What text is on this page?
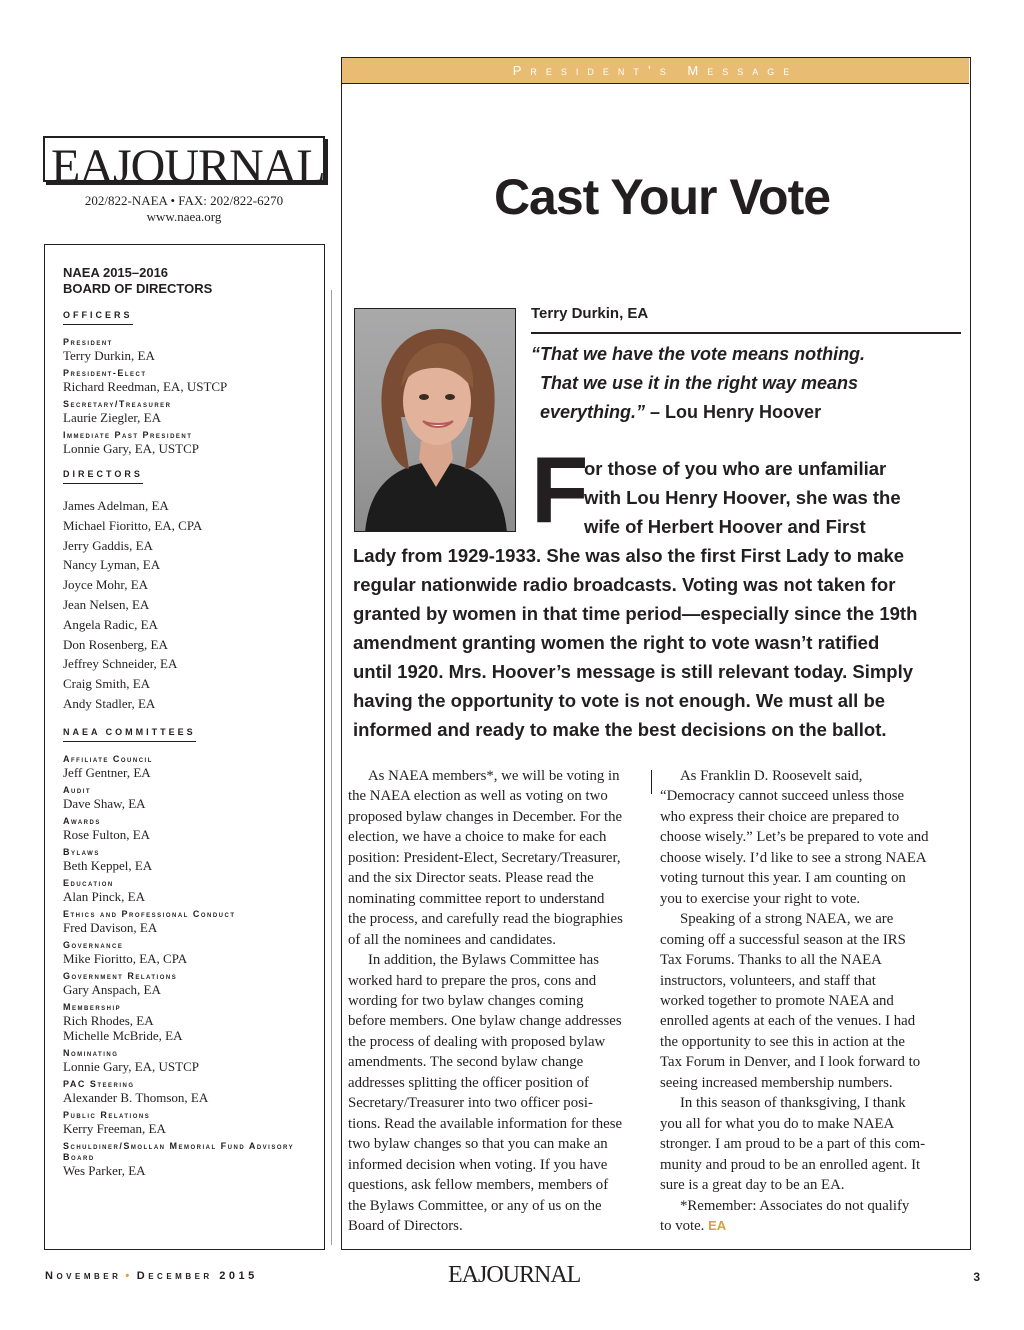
EAJOURNAL
202/822-NAEA • FAX: 202/822-6270
www.naea.org
NAEA 2015–2016
BOARD OF DIRECTORS
OFFICERS
President
Terry Durkin, EA
President-Elect
Richard Reedman, EA, USTCP
Secretary/Treasurer
Laurie Ziegler, EA
Immediate Past President
Lonnie Gary, EA, USTCP
DIRECTORS
James Adelman, EA
Michael Fioritto, EA, CPA
Jerry Gaddis, EA
Nancy Lyman, EA
Joyce Mohr, EA
Jean Nelsen, EA
Angela Radic, EA
Don Rosenberg, EA
Jeffrey Schneider, EA
Craig Smith, EA
Andy Stadler, EA
NAEA COMMITTEES
Affiliate Council
Jeff Gentner, EA
Audit
Dave Shaw, EA
Awards
Rose Fulton, EA
Bylaws
Beth Keppel, EA
Education
Alan Pinck, EA
Ethics and Professional Conduct
Fred Davison, EA
Governance
Mike Fioritto, EA, CPA
Government Relations
Gary Anspach, EA
Membership
Rich Rhodes, EA
Michelle McBride, EA
Nominating
Lonnie Gary, EA, USTCP
PAC Steering
Alexander B. Thomson, EA
Public Relations
Kerry Freeman, EA
Schuldiner/Smollan Memorial Fund Advisory Board
Wes Parker, EA
President’s Message
Cast Your Vote
Terry Durkin, EA
“That we have the vote means nothing.
That we use it in the right way means
everything.” – Lou Henry Hoover
F
or those of you who are unfamiliar
with Lou Henry Hoover, she was the
wife of Herbert Hoover and First
Lady from 1929-1933. She was also the first First Lady to make
regular nationwide radio broadcasts. Voting was not taken for
granted by women in that time period—especially since the 19th
amendment granting women the right to vote wasn’t ratified
until 1920. Mrs. Hoover’s message is still relevant today. Simply
having the opportunity to vote is not enough. We must all be
informed and ready to make the best decisions on the ballot.
As NAEA members*, we will be voting in
the NAEA election as well as voting on two
proposed bylaw changes in December. For the
election, we have a choice to make for each
position: President-Elect, Secretary/Treasurer,
and the six Director seats. Please read the
nominating committee report to understand
the process, and carefully read the biographies
of all the nominees and candidates.
In addition, the Bylaws Committee has
worked hard to prepare the pros, cons and
wording for two bylaw changes coming
before members. One bylaw change addresses
the process of dealing with proposed bylaw
amendments. The second bylaw change
addresses splitting the officer position of
Secretary/Treasurer into two officer posi-
tions. Read the available information for these
two bylaw changes so that you can make an
informed decision when voting. If you have
questions, ask fellow members, members of
the Bylaws Committee, or any of us on the
Board of Directors.
As Franklin D. Roosevelt said,
“Democracy cannot succeed unless those
who express their choice are prepared to
choose wisely.” Let’s be prepared to vote and
choose wisely. I’d like to see a strong NAEA
voting turnout this year. I am counting on
you to exercise your right to vote.
Speaking of a strong NAEA, we are
coming off a successful season at the IRS
Tax Forums. Thanks to all the NAEA
instructors, volunteers, and staff that
worked together to promote NAEA and
enrolled agents at each of the venues. I had
the opportunity to see this in action at the
Tax Forum in Denver, and I look forward to
seeing increased membership numbers.
In this season of thanksgiving, I thank
you all for what you do to make NAEA
stronger. I am proud to be a part of this com-
munity and proud to be an enrolled agent. It
sure is a great day to be an EA.
*Remember: Associates do not qualify
to vote. EA
November • December 2015	EAJOURNAL	3
